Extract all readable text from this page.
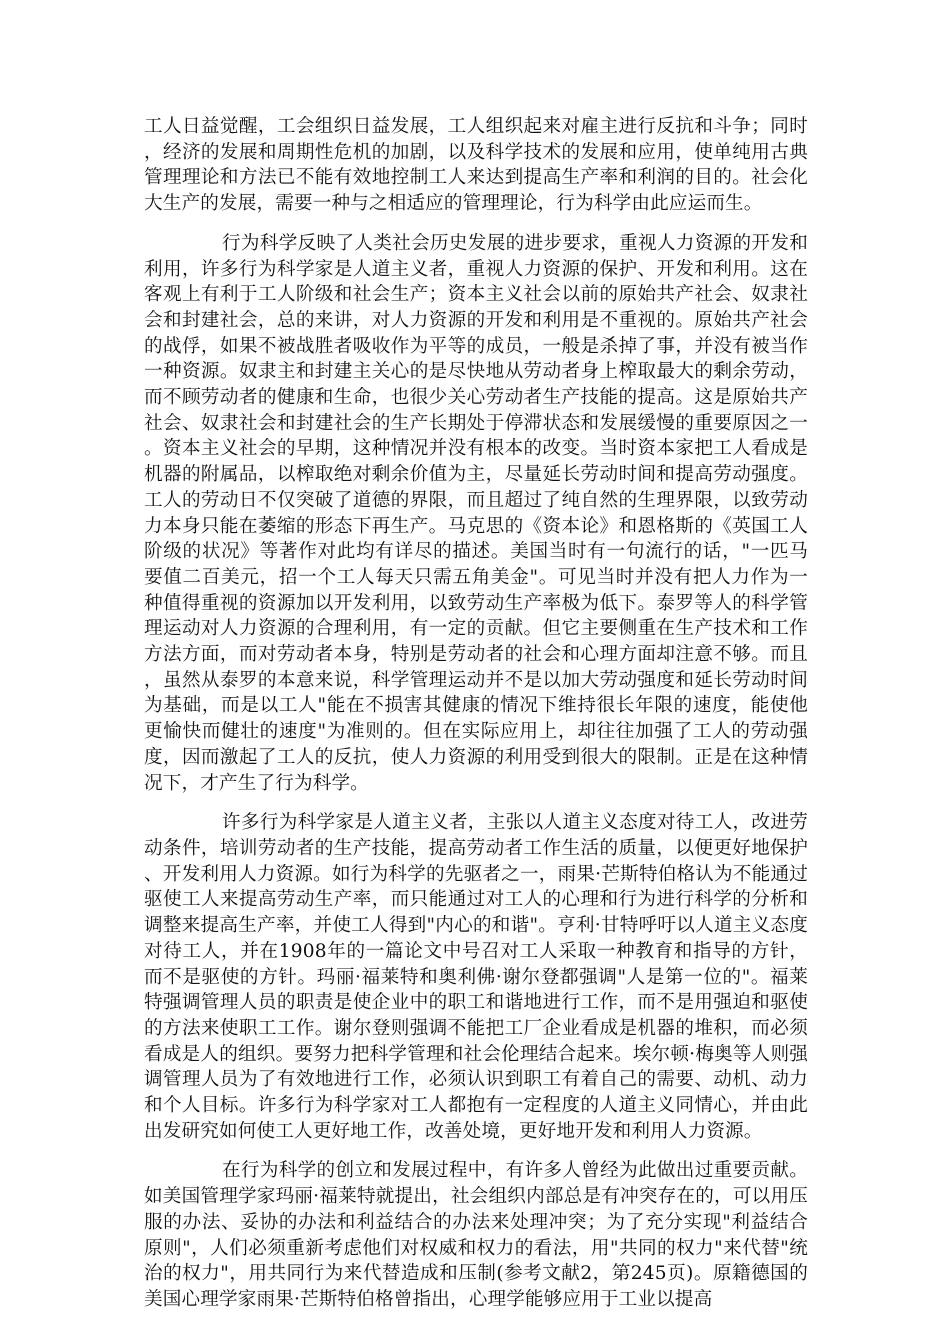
工人日益觉醒，工会组织日益发展，工人组织起来对雇主进行反抗和斗争；同时，经济的发展和周期性危机的加剧，以及科学技术的发展和应用，使单纯用古典管理理论和方法已不能有效地控制工人来达到提高生产率和利润的目的。社会化大生产的发展，需要一种与之相适应的管理理论，行为科学由此应运而生。

行为科学反映了人类社会历史发展的进步要求，重视人力资源的开发和利用，许多行为科学家是人道主义者，重视人力资源的保护、开发和利用。这在客观上有利于工人阶级和社会生产；资本主义社会以前的原始共产社会、奴隶社会和封建社会，总的来讲，对人力资源的开发和利用是不重视的。原始共产社会的战俘，如果不被战胜者吸收作为平等的成员，一般是杀掉了事，并没有被当作一种资源。奴隶主和封建主关心的是尽快地从劳动者身上榨取最大的剩余劳动，而不顾劳动者的健康和生命，也很少关心劳动者生产技能的提高。这是原始共产社会、奴隶社会和封建社会的生产长期处于停滞状态和发展缓慢的重要原因之一。资本主义社会的早期，这种情况并没有根本的改变。当时资本家把工人看成是机器的附属品，以榨取绝对剩余价值为主，尽量延长劳动时间和提高劳动强度。工人的劳动日不仅突破了道德的界限，而且超过了纯自然的生理界限，以致劳动力本身只能在萎缩的形态下再生产。马克思的《资本论》和恩格斯的《英国工人阶级的状况》等著作对此均有详尽的描述。美国当时有一句流行的话，"一匹马要值二百美元，招一个工人每天只需五角美金"。可见当时并没有把人力作为一种值得重视的资源加以开发利用，以致劳动生产率极为低下。泰罗等人的科学管理运动对人力资源的合理利用，有一定的贡献。但它主要侧重在生产技术和工作方法方面，而对劳动者本身，特别是劳动者的社会和心理方面却注意不够。而且，虽然从泰罗的本意来说，科学管理运动并不是以加大劳动强度和延长劳动时间为基础，而是以工人"能在不损害其健康的情况下维持很长年限的速度，能使他更愉快而健壮的速度"为准则的。但在实际应用上，却往往加强了工人的劳动强度，因而激起了工人的反抗，使人力资源的利用受到很大的限制。正是在这种情况下，才产生了行为科学。

许多行为科学家是人道主义者，主张以人道主义态度对待工人，改进劳动条件，培训劳动者的生产技能，提高劳动者工作生活的质量，以便更好地保护、开发利用人力资源。如行为科学的先驱者之一，雨果·芒斯特伯格认为不能通过驱使工人来提高劳动生产率，而只能通过对工人的心理和行为进行科学的分析和调整来提高生产率，并使工人得到"内心的和谐"。亨利·甘特呼吁以人道主义态度对待工人，并在1908年的一篇论文中号召对工人采取一种教育和指导的方针，而不是驱使的方针。玛丽·福莱特和奥利佛·谢尔登都强调"人是第一位的"。福莱特强调管理人员的职责是使企业中的职工和谐地进行工作，而不是用强迫和驱使的方法来使职工工作。谢尔登则强调不能把工厂企业看成是机器的堆积，而必须看成是人的组织。要努力把科学管理和社会伦理结合起来。埃尔顿·梅奥等人则强调管理人员为了有效地进行工作，必须认识到职工有着自己的需要、动机、动力和个人目标。许多行为科学家对工人都抱有一定程度的人道主义同情心，并由此出发研究如何使工人更好地工作，改善处境，更好地开发和利用人力资源。

在行为科学的创立和发展过程中，有许多人曾经为此做出过重要贡献。如美国管理学家玛丽·福莱特就提出，社会组织内部总是有冲突存在的，可以用压服的办法、妥协的办法和利益结合的办法来处理冲突；为了充分实现"利益结合原则"，人们必须重新考虑他们对权威和权力的看法，用"共同的权力"来代替"统治的权力"，用共同行为来代替造成和压制(参考文献2，第245页)。原籍德国的美国心理学家雨果·芒斯特伯格曾指出，心理学能够应用于工业以提高
